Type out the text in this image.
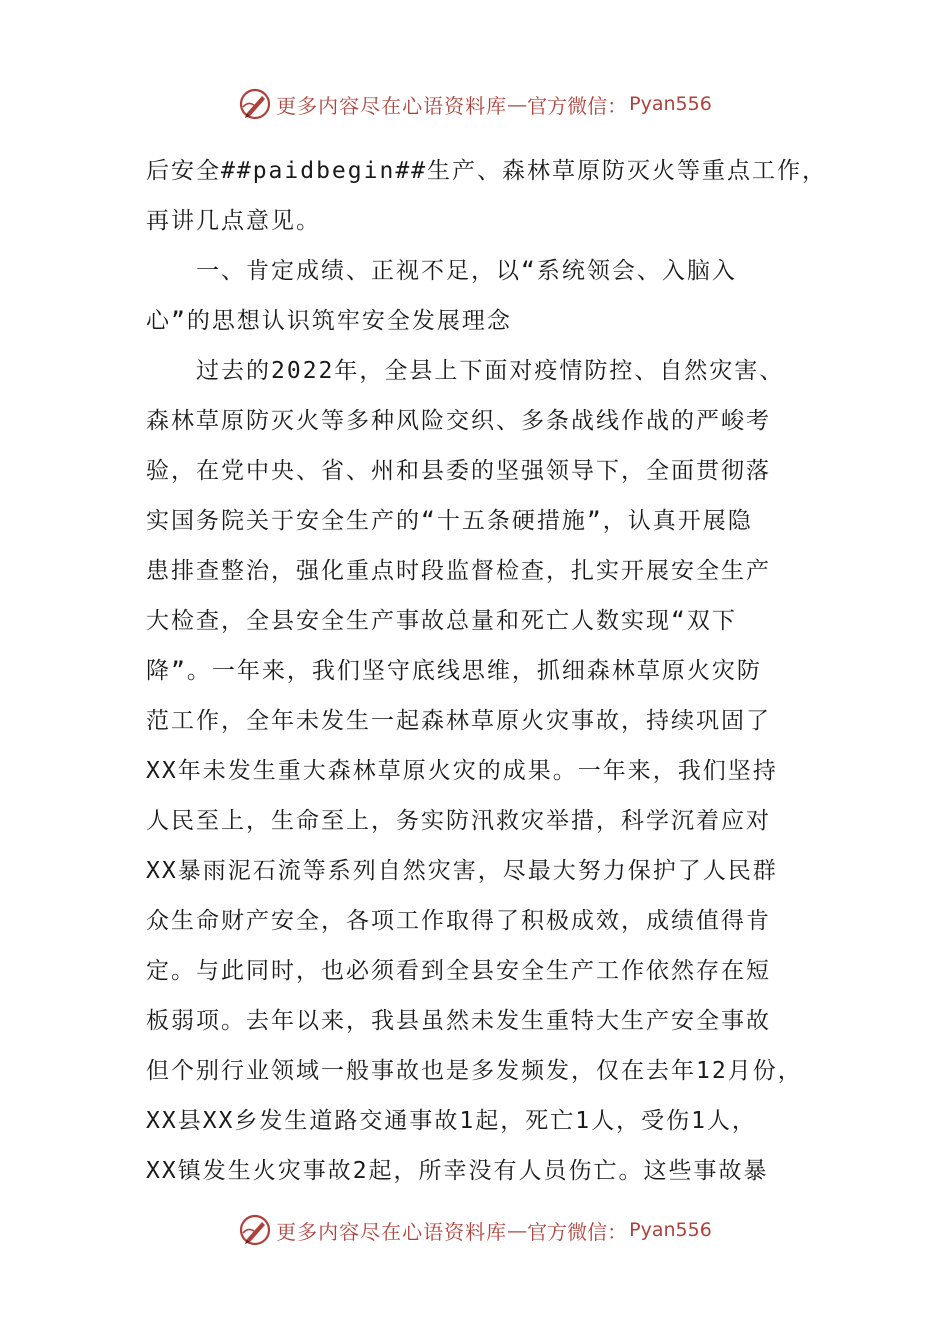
更多内容尽在心语资料库 — 官方微信： Pyan556
后安全##paidbegin##生产、森林草原防灭火等重点工作，
再讲几点意见。
一、肯定成绩、正视不足，以“系统领会、入脑入
心”的思想认识筑牢安全发展理念
过去的2022年，全县上下面对疫情防控、自然灾害、
森林草原防灭火等多种风险交织、多条战线作战的严峻考
验，在党中央、省、州和县委的坚强领导下，全面贯彻落
实国务院关于安全生产的“十五条硬措施”，认真开展隐
患排查整治，强化重点时段监督检查，扎实开展安全生产
大检查，全县安全生产事故总量和死亡人数实现“双下
降”。一年来，我们坚守底线思维，抓细森林草原火灾防
范工作，全年未发生一起森林草原火灾事故，持续巩固了
XX年未发生重大森林草原火灾的成果。一年来，我们坚持
人民至上，生命至上，务实防汛救灾举措，科学沉着应对
XX暴雨泥石流等系列自然灾害，尽最大努力保护了人民群
众生命财产安全，各项工作取得了积极成效，成绩值得肯
定。与此同时，也必须看到全县安全生产工作依然存在短
板弱项。去年以来，我县虽然未发生重特大生产安全事故
但个别行业领域一般事故也是多发频发，仅在去年12月份，
XX县XX乡发生道路交通事故1起，死亡1人，受伤1人，
XX镇发生火灾事故2起，所幸没有人员伤亡。这些事故暴
更多内容尽在心语资料库 — 官方微信： Pyan556
